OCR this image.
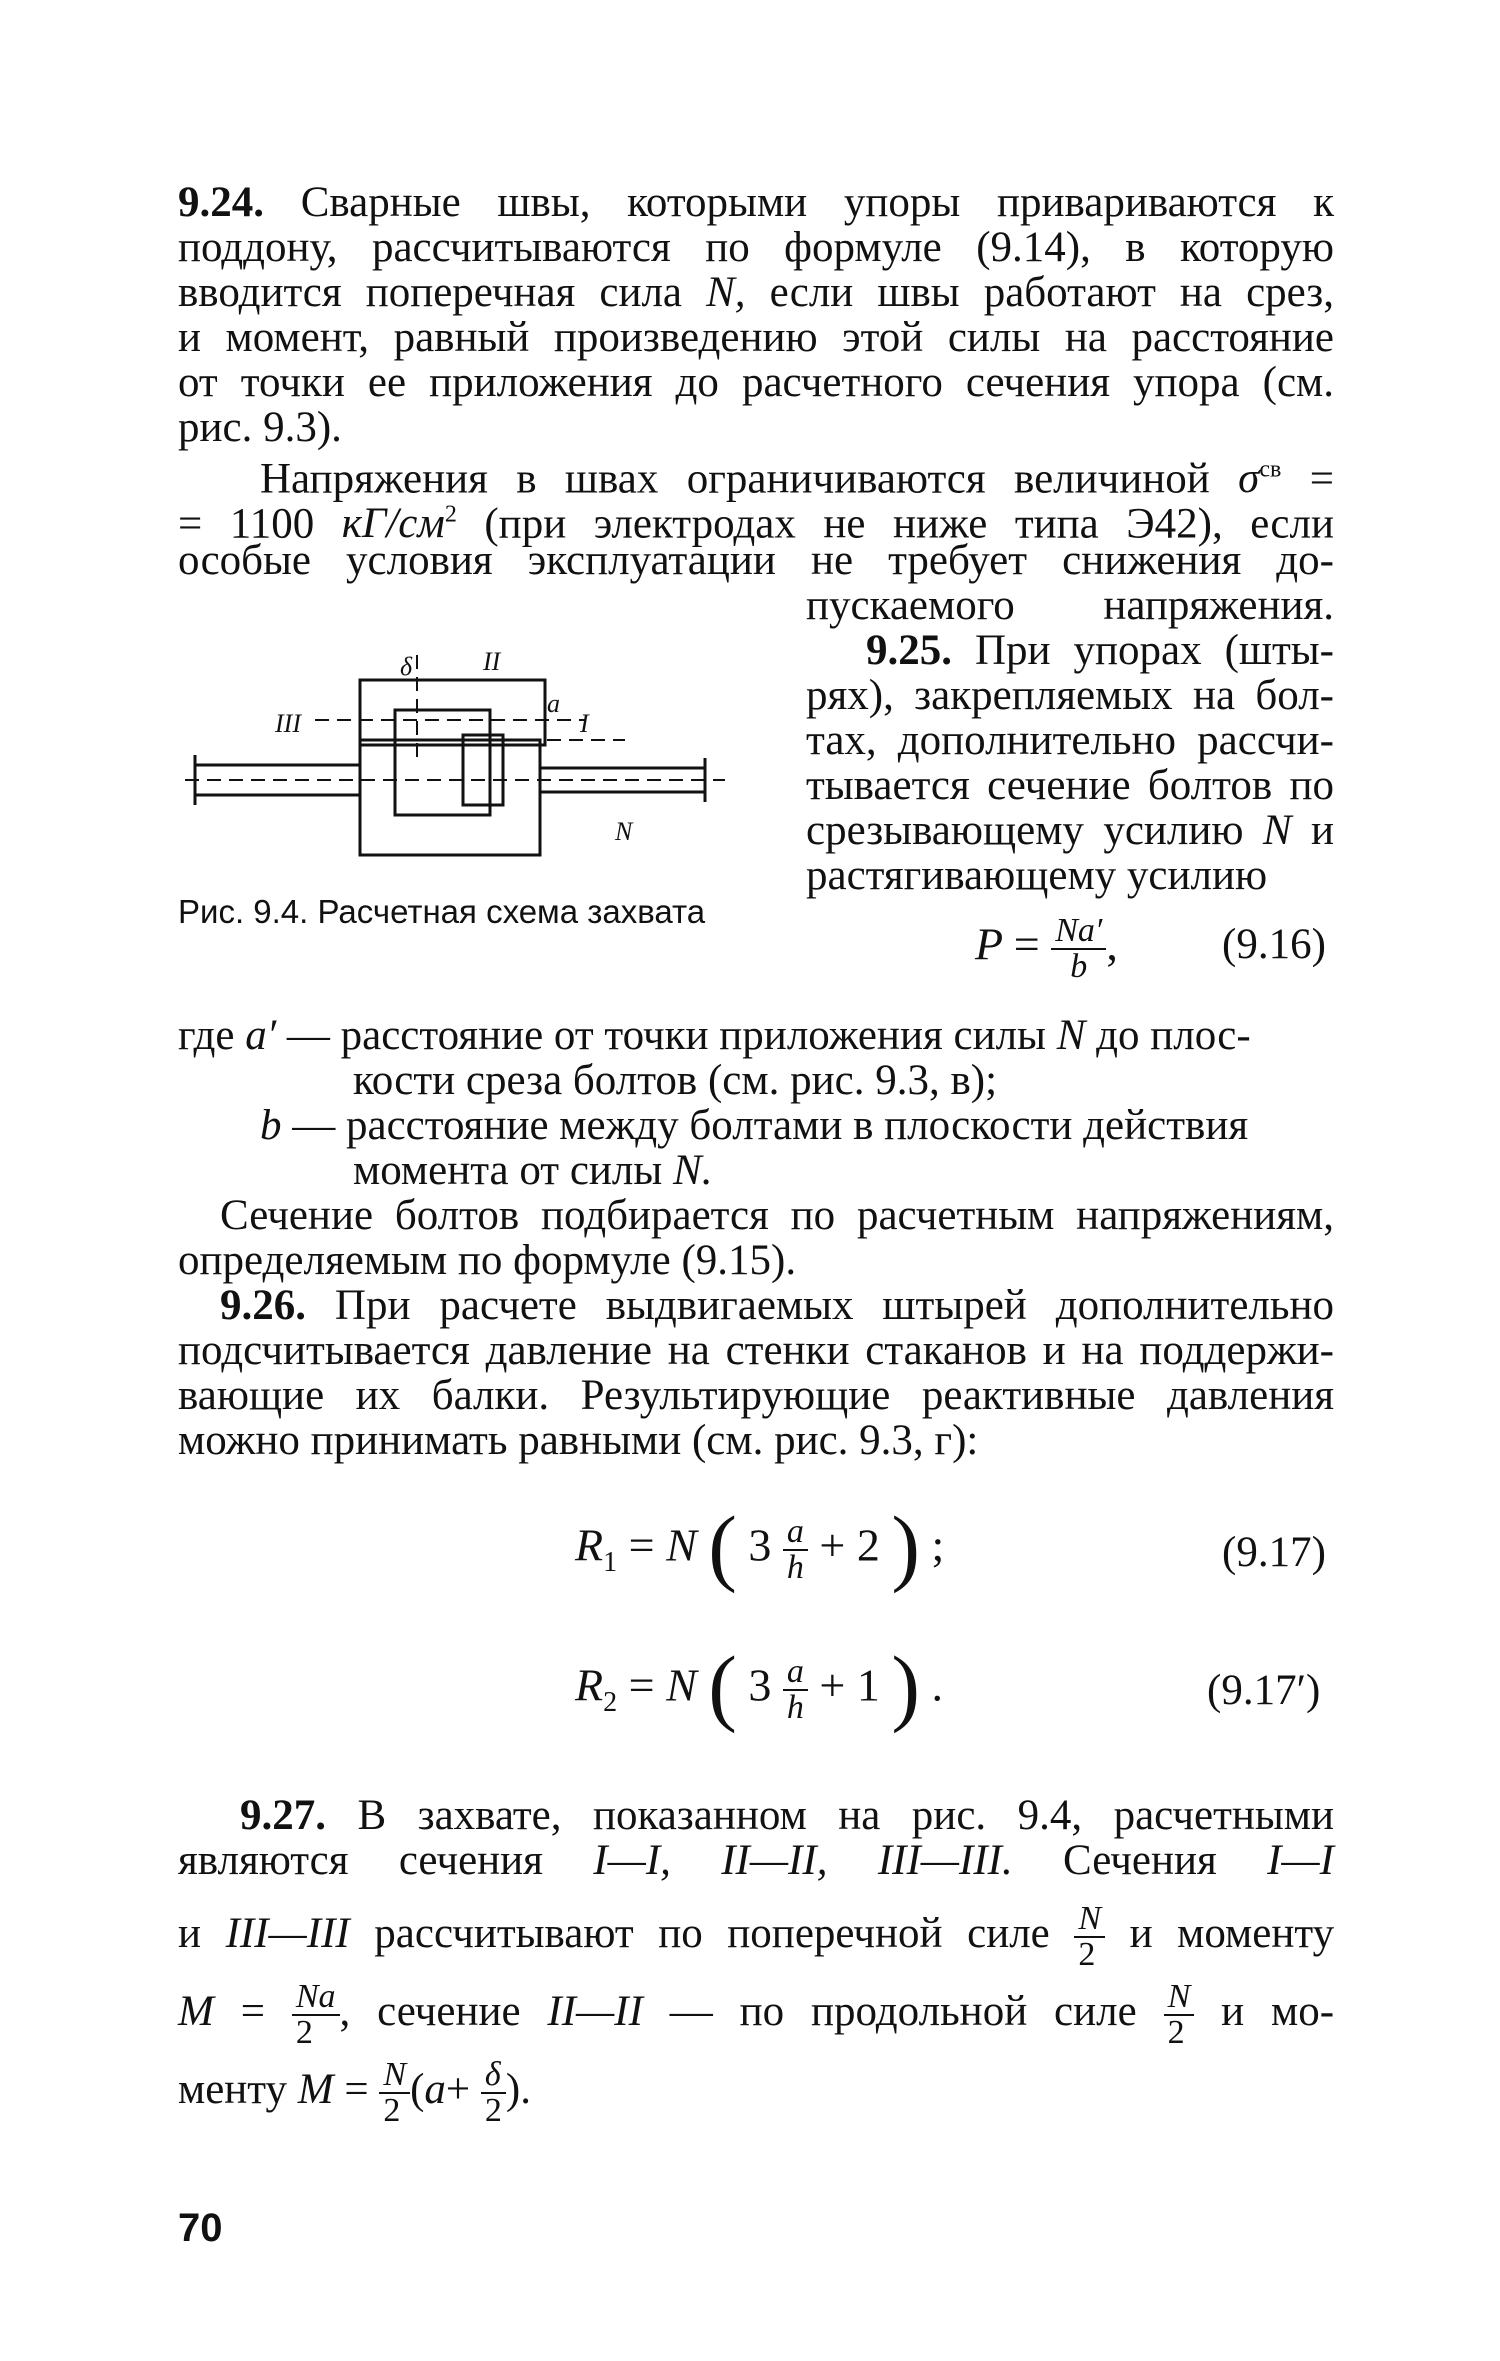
9.24. Сварные швы, которыми упоры привариваются к
поддону, рассчитываются по формуле (9.14), в которую
вводится поперечная сила N, если швы работают на срез,
и момент, равный произведению этой силы на расстояние
от точки ее приложения до расчетного сечения упора (см.
рис. 9.3).
Напряжения в швах ограничиваются величиной $\sigma^{св}$ =
= 1100 $кГ/см^2$ (при электродах не ниже типа Э42), если
особые условия эксплуатации не требует снижения до-
пускаемого напряжения.
9.25. При упорах (шты-
рях), закрепляемых на бол-
тах, дополнительно рассчи-
тывается сечение болтов по
срезывающему усилию N и
растягивающему усилию
II
III	I
N
δ
a
Рис. 9.4. Расчетная схема захвата
$P = \frac{Na'}{b}$ , (9.16)
где a′ — расстояние от точки приложения силы N до плос-
кости среза болтов (см. рис. 9.3, в);
b — расстояние между болтами в плоскости действия
момента от силы N.
Сечение болтов подбирается по расчетным напряжениям,
определяемым по формуле (9.15).
9.26. При расчете выдвигаемых штырей дополнительно
подсчитывается давление на стенки стаканов и на поддержи-
вающие их балки. Результирующие реактивные давления
можно принимать равными (см. рис. 9.3, г):
$R_1 = N$ ( $3 \frac{a}{h} + 2$ ) ;	(9.17)
$R_2 = N$ ( $3 \frac{a}{h} + 1$ ) .	(9.17′)
9.27. В захвате, показанном на рис. 9.4, расчетными
являются сечения I—I, II—II, III—III. Сечения I—I
и III—III рассчитывают по поперечной силе $\frac{N}{2}$ и моменту
$M = \frac{Na}{2}$ , сечение II—II — по продольной силе $\frac{N}{2}$ и мо-
менту $M = \frac{N}{2} (a+ \frac{\delta}{2}$ ).
70
